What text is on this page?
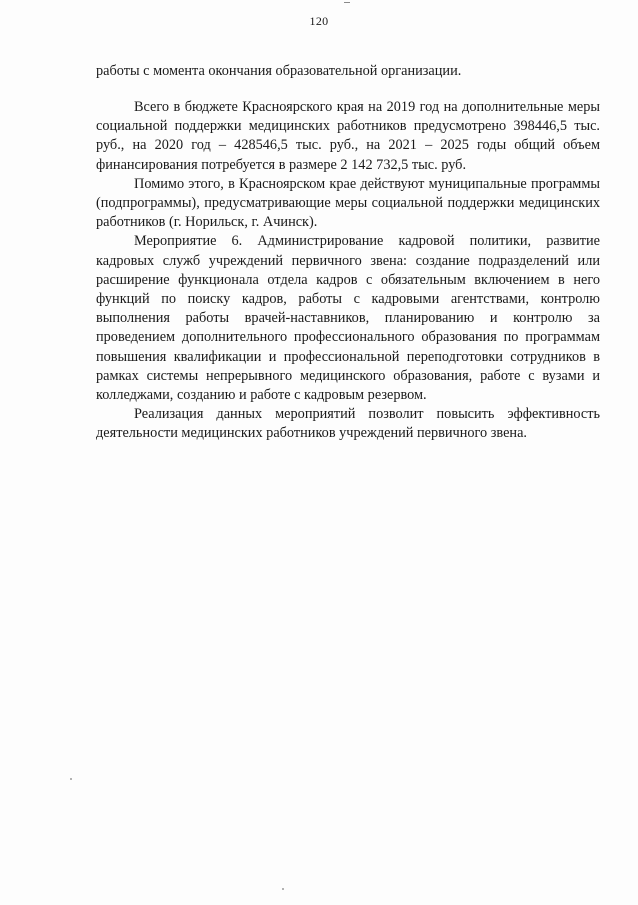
120
работы с момента окончания образовательной организации.

Всего в бюджете Красноярского края на 2019 год на дополнительные меры социальной поддержки медицинских работников предусмотрено 398446,5 тыс. руб., на 2020 год – 428546,5 тыс. руб., на 2021 – 2025 годы общий объем финансирования потребуется в размере 2 142 732,5 тыс. руб.

Помимо этого, в Красноярском крае действуют муниципальные программы (подпрограммы), предусматривающие меры социальной поддержки медицинских работников (г. Норильск, г. Ачинск).

Мероприятие 6. Администрирование кадровой политики, развитие кадровых служб учреждений первичного звена: создание подразделений или расширение функционала отдела кадров с обязательным включением в него функций по поиску кадров, работы с кадровыми агентствами, контролю выполнения работы врачей-наставников, планированию и контролю за проведением дополнительного профессионального образования по программам повышения квалификации и профессиональной переподготовки сотрудников в рамках системы непрерывного медицинского образования, работе с вузами и колледжами, созданию и работе с кадровым резервом.

Реализация данных мероприятий позволит повысить эффективность деятельности медицинских работников учреждений первичного звена.
